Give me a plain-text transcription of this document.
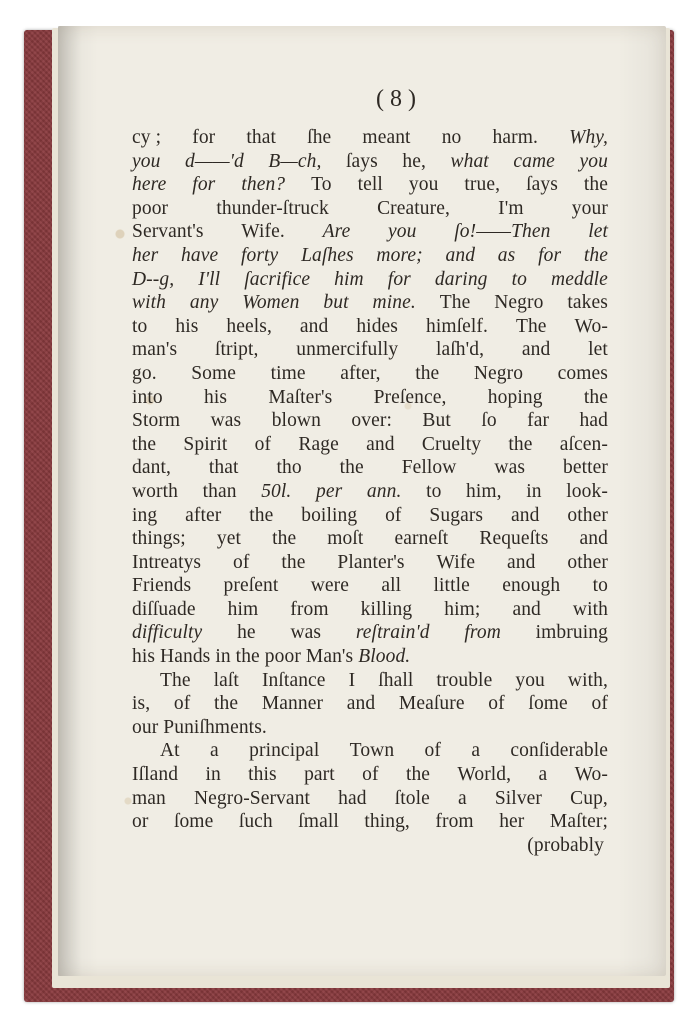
( 8 )
cy ; for that ſhe meant no harm. Why,
you d——'d B—ch, ſays he, what came you
here for then? To tell you true, ſays the
poor thunder-ſtruck Creature, I'm your
Servant's Wife. Are you ſo!——Then let
her have forty Laſhes more; and as for the
D--g, I'll ſacrifice him for daring to meddle
with any Women but mine. The Negro takes
to his heels, and hides himſelf. The Wo-
man's ſtript, unmercifully laſh'd, and let
go. Some time after, the Negro comes
into his Maſter's Preſence, hoping the
Storm was blown over: But ſo far had
the Spirit of Rage and Cruelty the aſcen-
dant, that tho the Fellow was better
worth than 50l. per ann. to him, in look-
ing after the boiling of Sugars and other
things; yet the moſt earneſt Requeſts and
Intreatys of the Planter's Wife and other
Friends preſent were all little enough to
diſſuade him from killing him; and with
difficulty he was reſtrain'd from imbruing
his Hands in the poor Man's Blood.
The laſt Inſtance I ſhall trouble you with,
is, of the Manner and Meaſure of ſome of
our Puniſhments.
At a principal Town of a conſiderable
Iſland in this part of the World, a Wo-
man Negro-Servant had ſtole a Silver Cup,
or ſome ſuch ſmall thing, from her Maſter;
(probably
